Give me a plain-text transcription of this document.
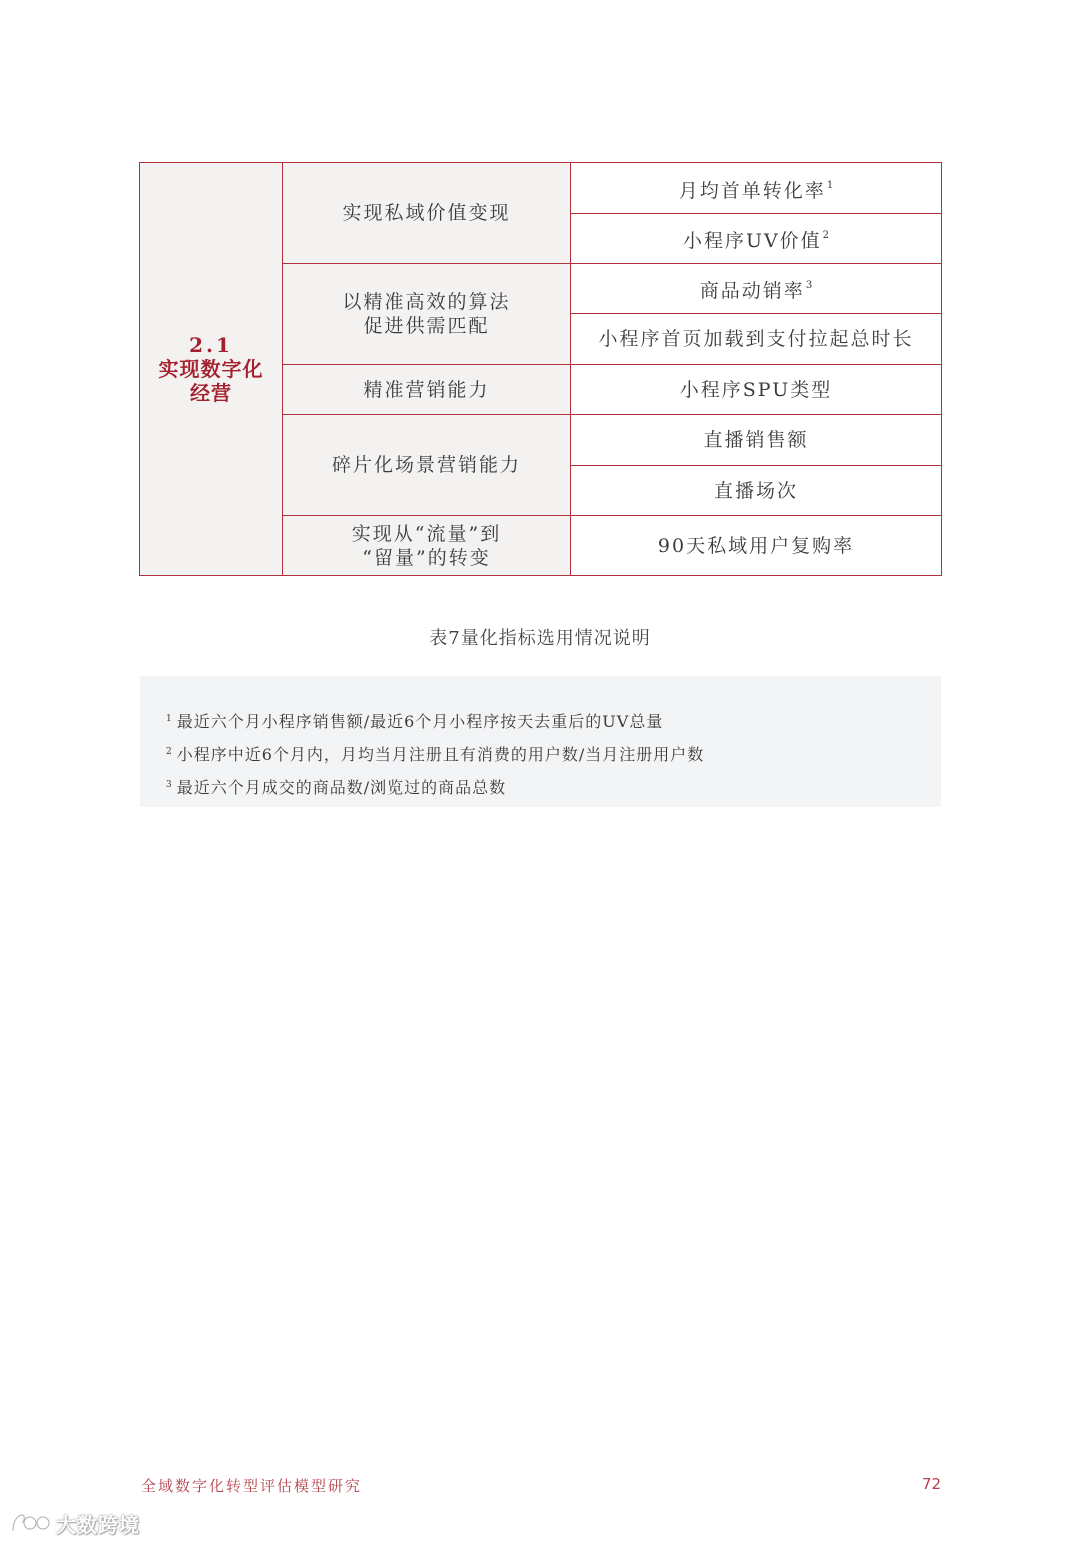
2.1
实现数字化
经营	实现私域价值变现	月均首单转化率$^1$
		小程序UV价值$^2$

	以精准高效的算法
促进供需匹配	商品动销率$^3$
		小程序首页加载到支付拉起总时长

	精准营销能力	小程序SPU类型

	碎片化场景营销能力	直播销售额
		直播场次

	实现从“流量”到
“留量”的转变	90天私域用户复购率
表7量化指标选用情况说明
$^1$ 最近六个月小程序销售额/最近6个月小程序按天去重后的UV总量
$^2$ 小程序中近6个月内，月均当月注册且有消费的用户数/当月注册用户数
$^3$ 最近六个月成交的商品数/浏览过的商品总数
全域数字化转型评估模型研究	72
大数跨境
